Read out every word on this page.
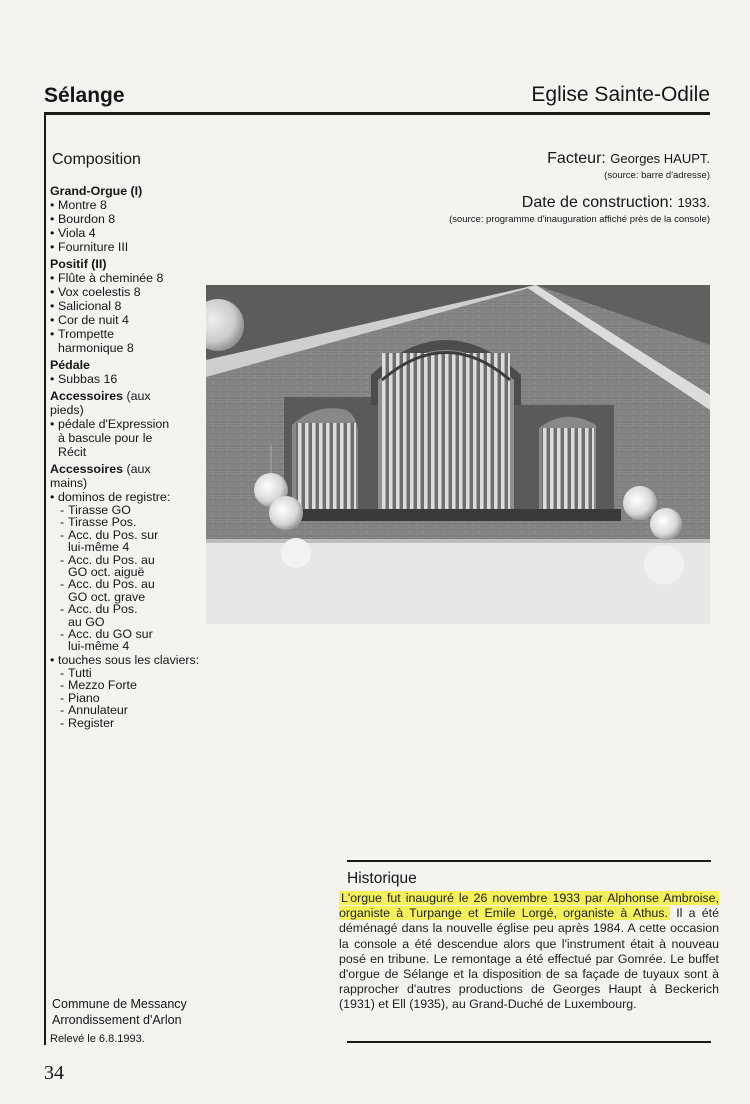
Sélange	Eglise Sainte-Odile
Composition
Grand-Orgue (I)
• Montre 8
• Bourdon 8
• Viola 4
• Fourniture III
Positif (II)
• Flûte à cheminée 8
• Vox coelestis 8
• Salicional 8
• Cor de nuit 4
• Trompette harmonique 8
Pédale
• Subbas 16
Accessoires (aux pieds)
• pédale d'Expression à bascule pour le Récit
Accessoires (aux mains)
• dominos de registre:
- Tirasse GO
- Tirasse Pos.
- Acc. du Pos. sur lui-même 4
- Acc. du Pos. au GO oct. aiguë
- Acc. du Pos. au GO oct. grave
- Acc. du Pos. au GO
- Acc. du GO sur lui-même 4
• touches sous les claviers:
- Tutti
- Mezzo Forte
- Piano
- Annulateur
- Register
Facteur: Georges HAUPT.
(source: barre d'adresse)
Date de construction: 1933.
(source: programme d'inauguration affiché près de la console)
Historique
L'orgue fut inauguré le 26 novembre 1933 par Alphonse Ambroise, organiste à Turpange et Emile Lorgé, organiste à Athus. Il a été déménagé dans la nouvelle église peu après 1984. A cette occasion la console a été descendue alors que l'instrument était à nouveau posé en tribune. Le remontage a été effectué par Gomrée. Le buffet d'orgue de Sélange et la disposition de sa façade de tuyaux sont à rapprocher d'autres productions de Georges Haupt à Beckerich (1931) et Ell (1935), au Grand-Duché de Luxembourg.
Commune de Messancy
Arrondissement d'Arlon
Relevé le 6.8.1993.
34
